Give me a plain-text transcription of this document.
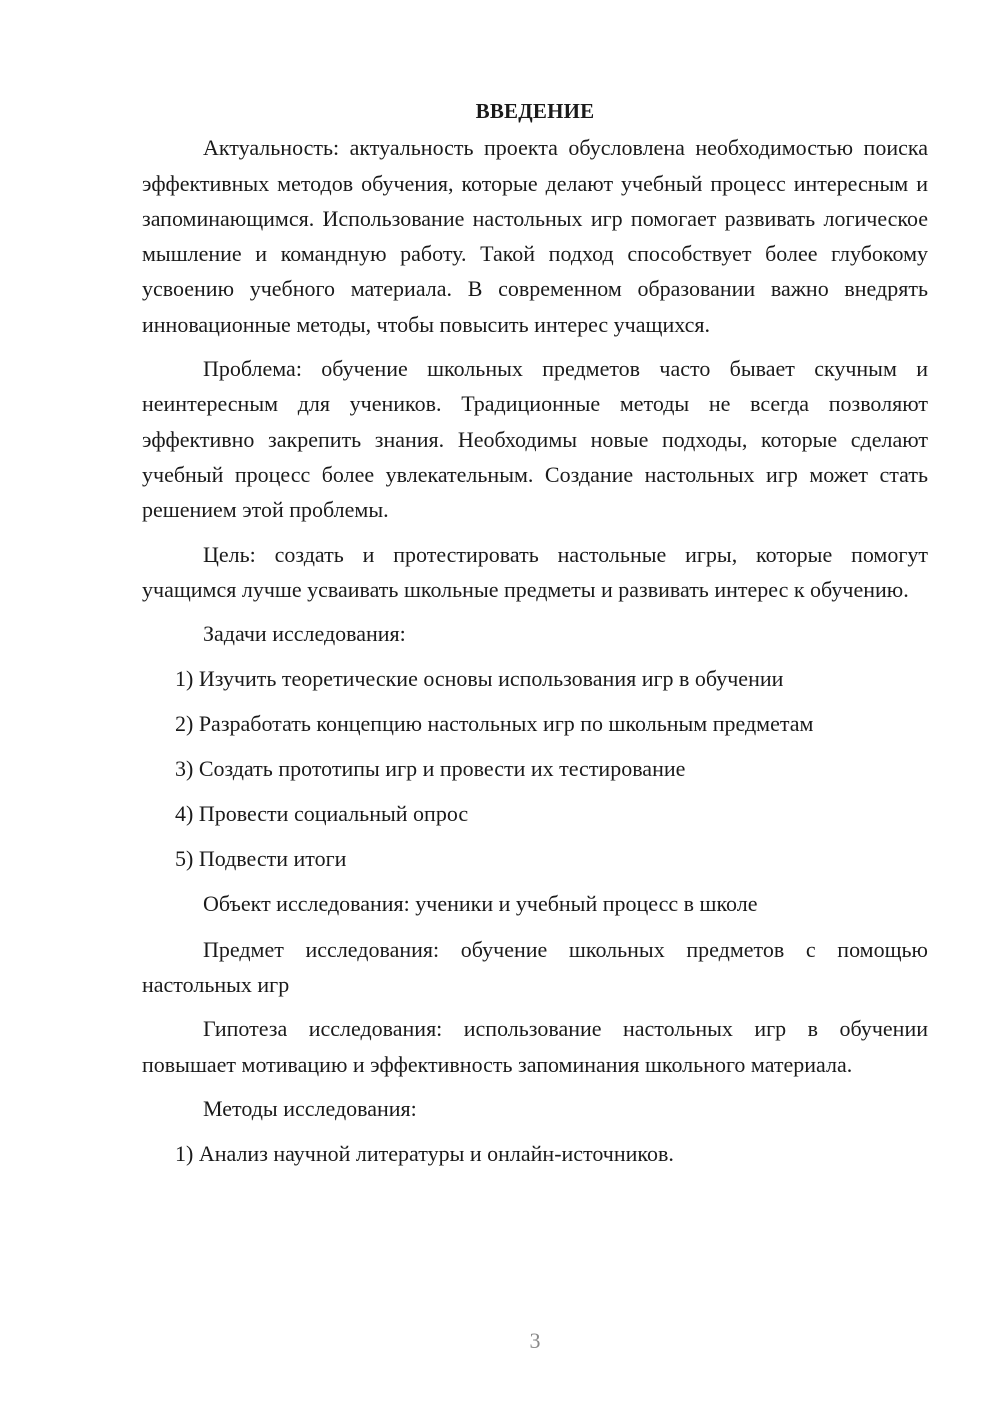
ВВЕДЕНИЕ
Актуальность: актуальность проекта обусловлена необходимостью поиска эффективных методов обучения, которые делают учебный процесс интересным и запоминающимся. Использование настольных игр помогает развивать логическое мышление и командную работу. Такой подход способствует более глубокому усвоению учебного материала. В современном образовании важно внедрять инновационные методы, чтобы повысить интерес учащихся.
Проблема: обучение школьных предметов часто бывает скучным и неинтересным для учеников. Традиционные методы не всегда позволяют эффективно закрепить знания. Необходимы новые подходы, которые сделают учебный процесс более увлекательным. Создание настольных игр может стать решением этой проблемы.
Цель: создать и протестировать настольные игры, которые помогут учащимся лучше усваивать школьные предметы и развивать интерес к обучению.
Задачи исследования:
1) Изучить теоретические основы использования игр в обучении
2) Разработать концепцию настольных игр по школьным предметам
3) Создать прототипы игр и провести их тестирование
4) Провести социальный опрос
5) Подвести итоги
Объект исследования: ученики и учебный процесс в школе
Предмет исследования: обучение школьных предметов с помощью настольных игр
Гипотеза исследования: использование настольных игр в обучении повышает мотивацию и эффективность запоминания школьного материала.
Методы исследования:
1) Анализ научной литературы и онлайн-источников.
3
